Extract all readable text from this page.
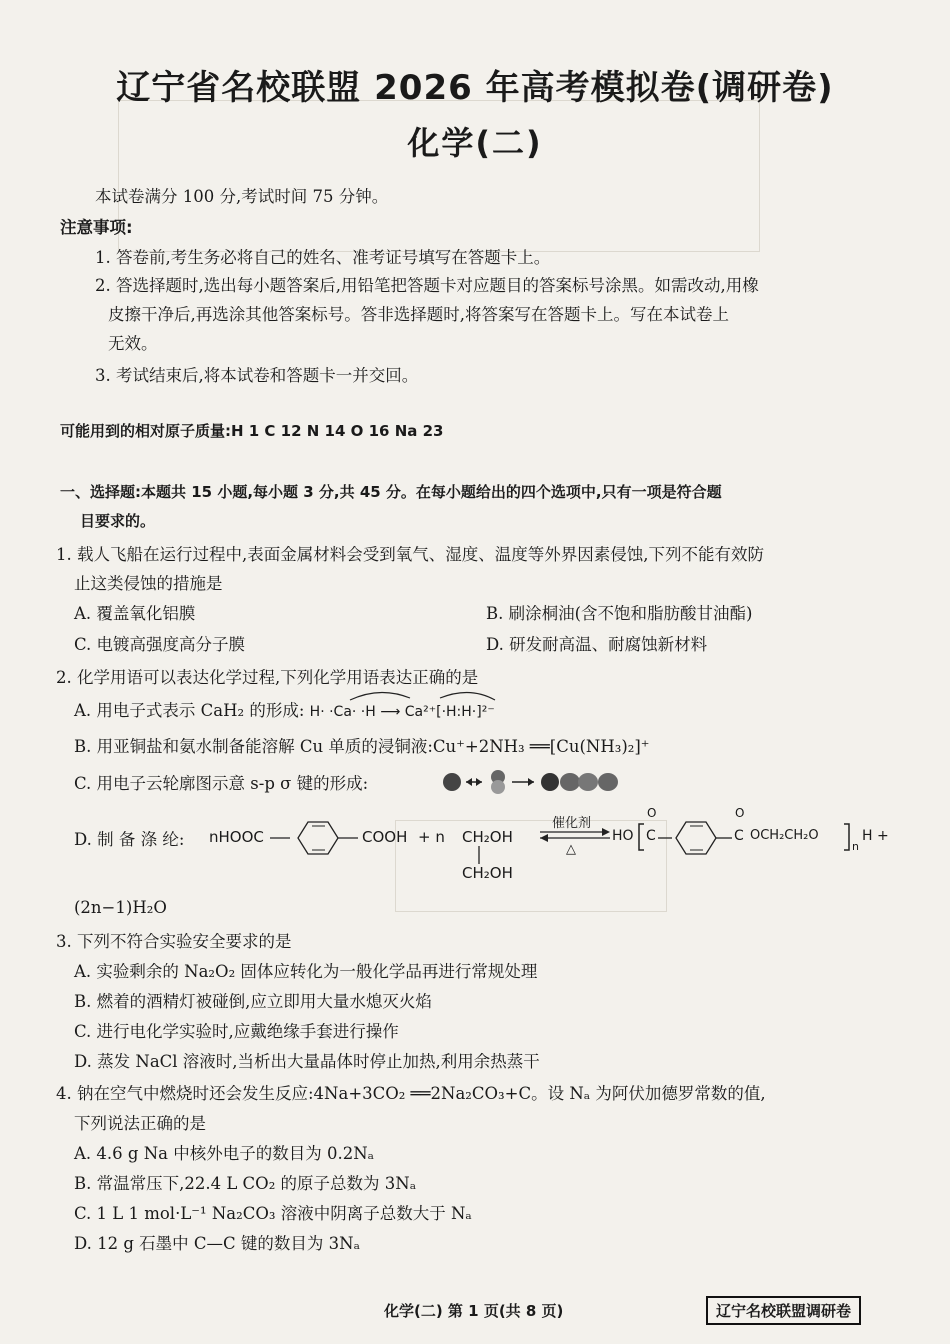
辽宁省名校联盟 2026 年高考模拟卷(调研卷)
化学(二)
本试卷满分 100 分,考试时间 75 分钟。
注意事项:
1. 答卷前,考生务必将自己的姓名、准考证号填写在答题卡上。
2. 答选择题时,选出每小题答案后,用铅笔把答题卡对应题目的答案标号涂黑。如需改动,用橡
皮擦干净后,再选涂其他答案标号。答非选择题时,将答案写在答题卡上。写在本试卷上
无效。
3. 考试结束后,将本试卷和答题卡一并交回。
可能用到的相对原子质量:H 1 C 12 N 14 O 16 Na 23
一、选择题:本题共 15 小题,每小题 3 分,共 45 分。在每小题给出的四个选项中,只有一项是符合题
目要求的。
1. 载人飞船在运行过程中,表面金属材料会受到氧气、湿度、温度等外界因素侵蚀,下列不能有效防
止这类侵蚀的措施是
A. 覆盖氧化铝膜	B. 刷涂桐油(含不饱和脂肪酸甘油酯)
C. 电镀高强度高分子膜	D. 研发耐高温、耐腐蚀新材料
2. 化学用语可以表达化学过程,下列化学用语表达正确的是
A. 用电子式表示 CaH₂ 的形成: H· ·Ca· ·H ⟶ Ca²⁺[·H:H·]²⁻
B. 用亚铜盐和氨水制备能溶解 Cu 单质的浸铜液:Cu⁺+2NH₃ ══[Cu(NH₃)₂]⁺
C. 用电子云轮廓图示意 s-p σ 键的形成:
D. 制 备 涤 纶: nHOOC	COOH + n CH₂OH
CH₂OH
催化剂
△
HO C
O
C
O
OCH₂CH₂O
n
H +
(2n−1)H₂O
3. 下列不符合实验安全要求的是
A. 实验剩余的 Na₂O₂ 固体应转化为一般化学品再进行常规处理
B. 燃着的酒精灯被碰倒,应立即用大量水熄灭火焰
C. 进行电化学实验时,应戴绝缘手套进行操作
D. 蒸发 NaCl 溶液时,当析出大量晶体时停止加热,利用余热蒸干
4. 钠在空气中燃烧时还会发生反应:4Na+3CO₂ ══2Na₂CO₃+C。设 Nₐ 为阿伏加德罗常数的值,
下列说法正确的是
A. 4.6 g Na 中核外电子的数目为 0.2Nₐ
B. 常温常压下,22.4 L CO₂ 的原子总数为 3Nₐ
C. 1 L 1 mol·L⁻¹ Na₂CO₃ 溶液中阴离子总数大于 Nₐ
D. 12 g 石墨中 C—C 键的数目为 3Nₐ
化学(二) 第 1 页(共 8 页)	辽宁名校联盟调研卷
